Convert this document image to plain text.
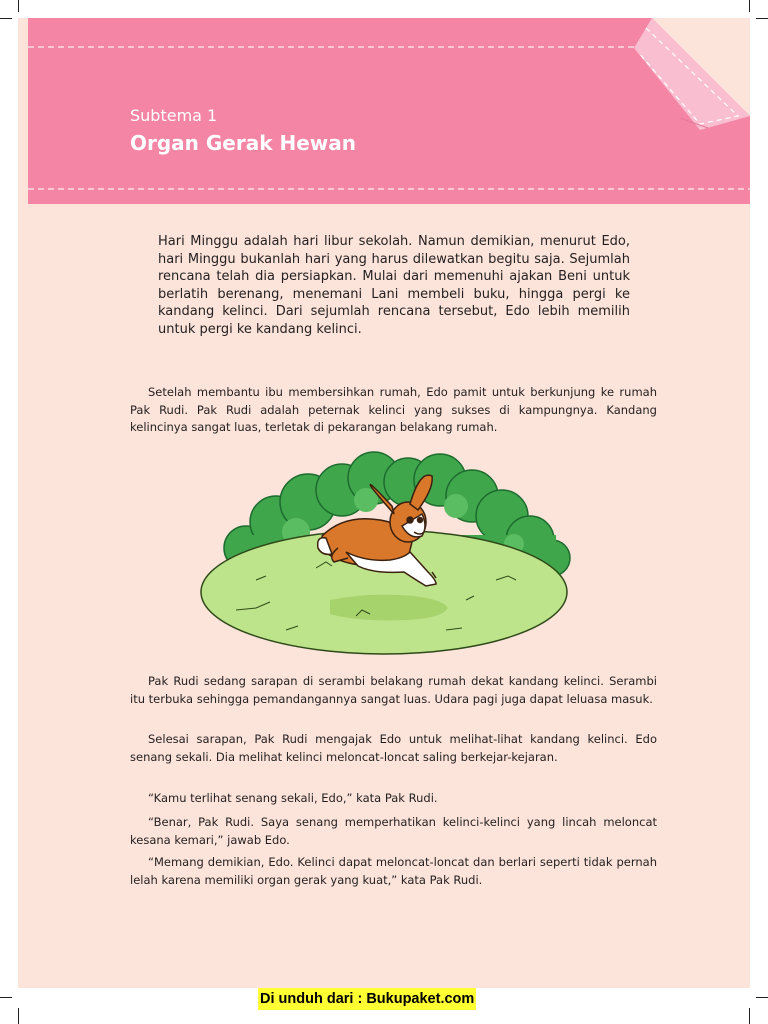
Subtema 1
Organ Gerak Hewan

Hari Minggu adalah hari libur sekolah. Namun demikian, menurut Edo, hari Minggu bukanlah hari yang harus dilewatkan begitu saja. Sejumlah rencana telah dia persiapkan. Mulai dari memenuhi ajakan Beni untuk berlatih berenang, menemani Lani membeli buku, hingga pergi ke kandang kelinci. Dari sejumlah rencana tersebut, Edo lebih memilih untuk pergi ke kandang kelinci.

Setelah membantu ibu membersihkan rumah, Edo pamit untuk berkunjung ke rumah Pak Rudi. Pak Rudi adalah peternak kelinci yang sukses di kampungnya. Kandang kelincinya sangat luas, terletak di pekarangan belakang rumah.

Pak Rudi sedang sarapan di serambi belakang rumah dekat kandang kelinci. Serambi itu terbuka sehingga pemandangannya sangat luas. Udara pagi juga dapat leluasa masuk.

Selesai sarapan, Pak Rudi mengajak Edo untuk melihat-lihat kandang kelinci. Edo senang sekali. Dia melihat kelinci meloncat-loncat saling berkejar-kejaran.

“Kamu terlihat senang sekali, Edo,” kata Pak Rudi.

“Benar, Pak Rudi. Saya senang memperhatikan kelinci-kelinci yang lincah meloncat kesana kemari,” jawab Edo.

“Memang demikian, Edo. Kelinci dapat meloncat-loncat dan berlari seperti tidak pernah lelah karena memiliki organ gerak yang kuat,” kata Pak Rudi.

Di unduh dari : Bukupaket.com
